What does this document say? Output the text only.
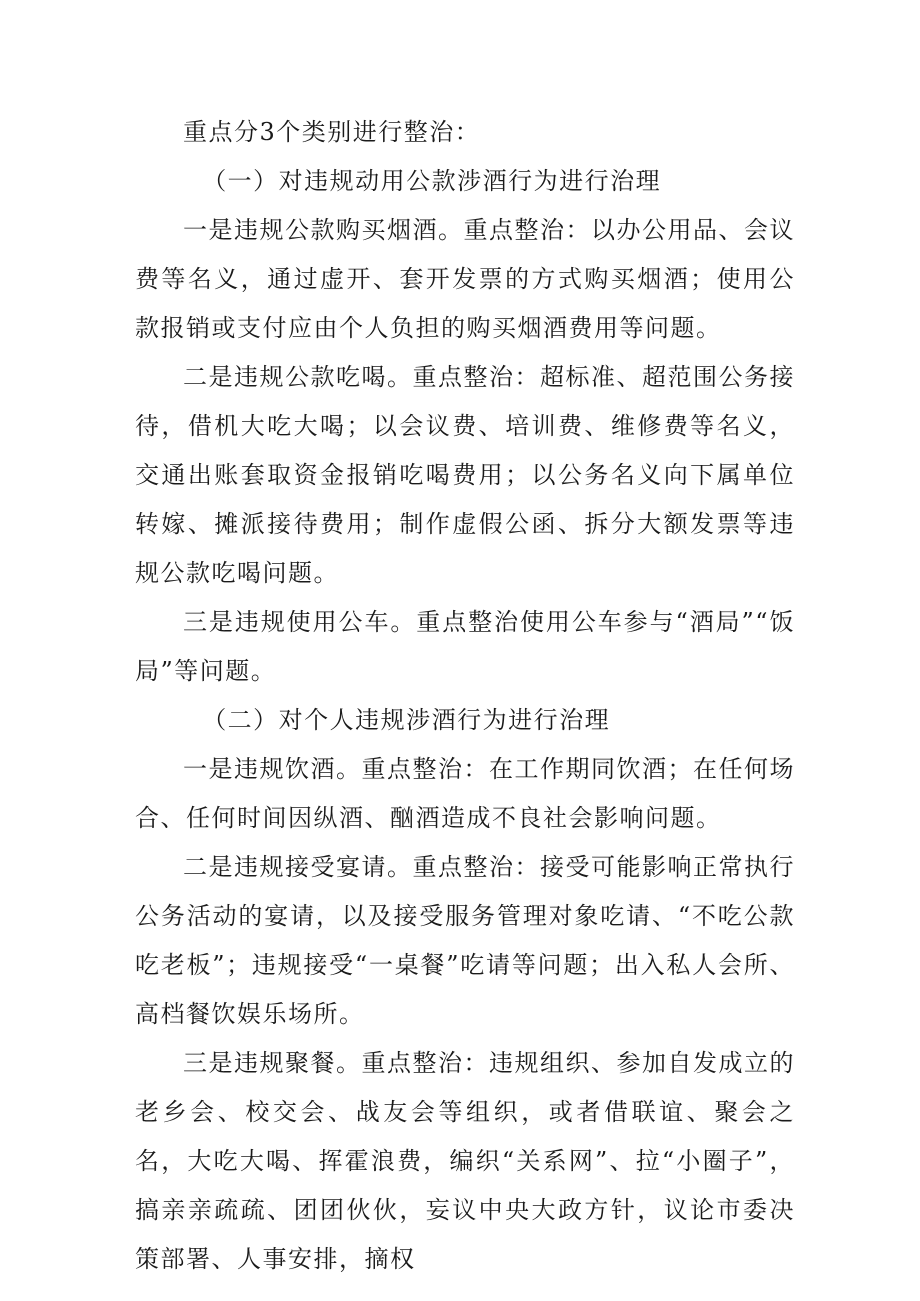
重点分3个类别进行整治：

（一）对违规动用公款涉酒行为进行治理

一是违规公款购买烟酒。重点整治：以办公用品、会议费等名义，通过虚开、套开发票的方式购买烟酒；使用公款报销或支付应由个人负担的购买烟酒费用等问题。

二是违规公款吃喝。重点整治：超标准、超范围公务接待，借机大吃大喝；以会议费、培训费、维修费等名义，交通出账套取资金报销吃喝费用；以公务名义向下属单位转嫁、摊派接待费用；制作虚假公函、拆分大额发票等违规公款吃喝问题。

三是违规使用公车。重点整治使用公车参与“酒局”“饭局”等问题。

（二）对个人违规涉酒行为进行治理

一是违规饮酒。重点整治：在工作期同饮酒；在任何场合、任何时间因纵酒、酗酒造成不良社会影响问题。

二是违规接受宴请。重点整治：接受可能影响正常执行公务活动的宴请，以及接受服务管理对象吃请、“不吃公款吃老板”；违规接受“一桌餐”吃请等问题；出入私人会所、高档餐饮娱乐场所。

三是违规聚餐。重点整治：违规组织、参加自发成立的老乡会、校交会、战友会等组织，或者借联谊、聚会之名，大吃大喝、挥霍浪费，编织“关系网”、拉“小圈子”，搞亲亲疏疏、团团伙伙，妄议中央大政方针，议论市委决策部署、人事安排，摘权
